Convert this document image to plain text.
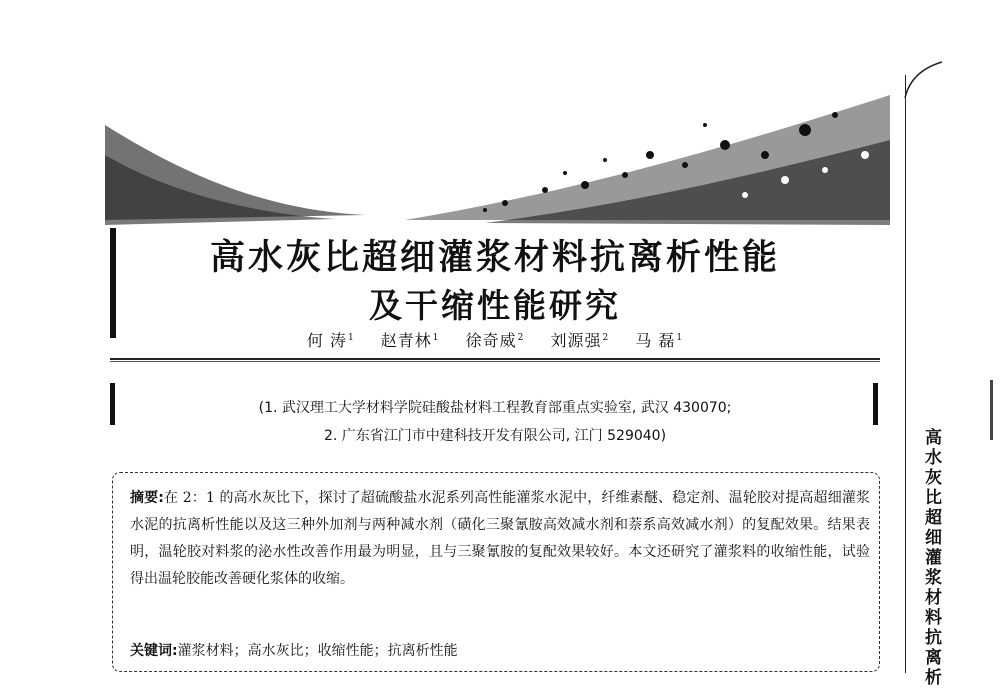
高水灰比超细灌浆材料抗离析性能
及干缩性能研究
何 涛$^1$ 赵青林$^1$ 徐奇威$^2$ 刘源强$^2$ 马 磊$^1$
(1. 武汉理工大学材料学院硅酸盐材料工程教育部重点实验室, 武汉 430070;
2. 广东省江门市中建科技开发有限公司, 江门 529040)
摘要:在 2：1 的高水灰比下，探讨了超硫酸盐水泥系列高性能灌浆水泥中，纤维素醚、稳定剂、温轮胶对提高超细灌浆水泥的抗离析性能以及这三种外加剂与两种减水剂（磺化三聚氰胺高效减水剂和萘系高效减水剂）的复配效果。结果表明，温轮胶对料浆的泌水性改善作用最为明显，且与三聚氰胺的复配效果较好。本文还研究了灌浆料的收缩性能，试验得出温轮胶能改善硬化浆体的收缩。
关键词:灌浆材料；高水灰比；收缩性能；抗离析性能
高水灰比超细灌浆材料抗离析
